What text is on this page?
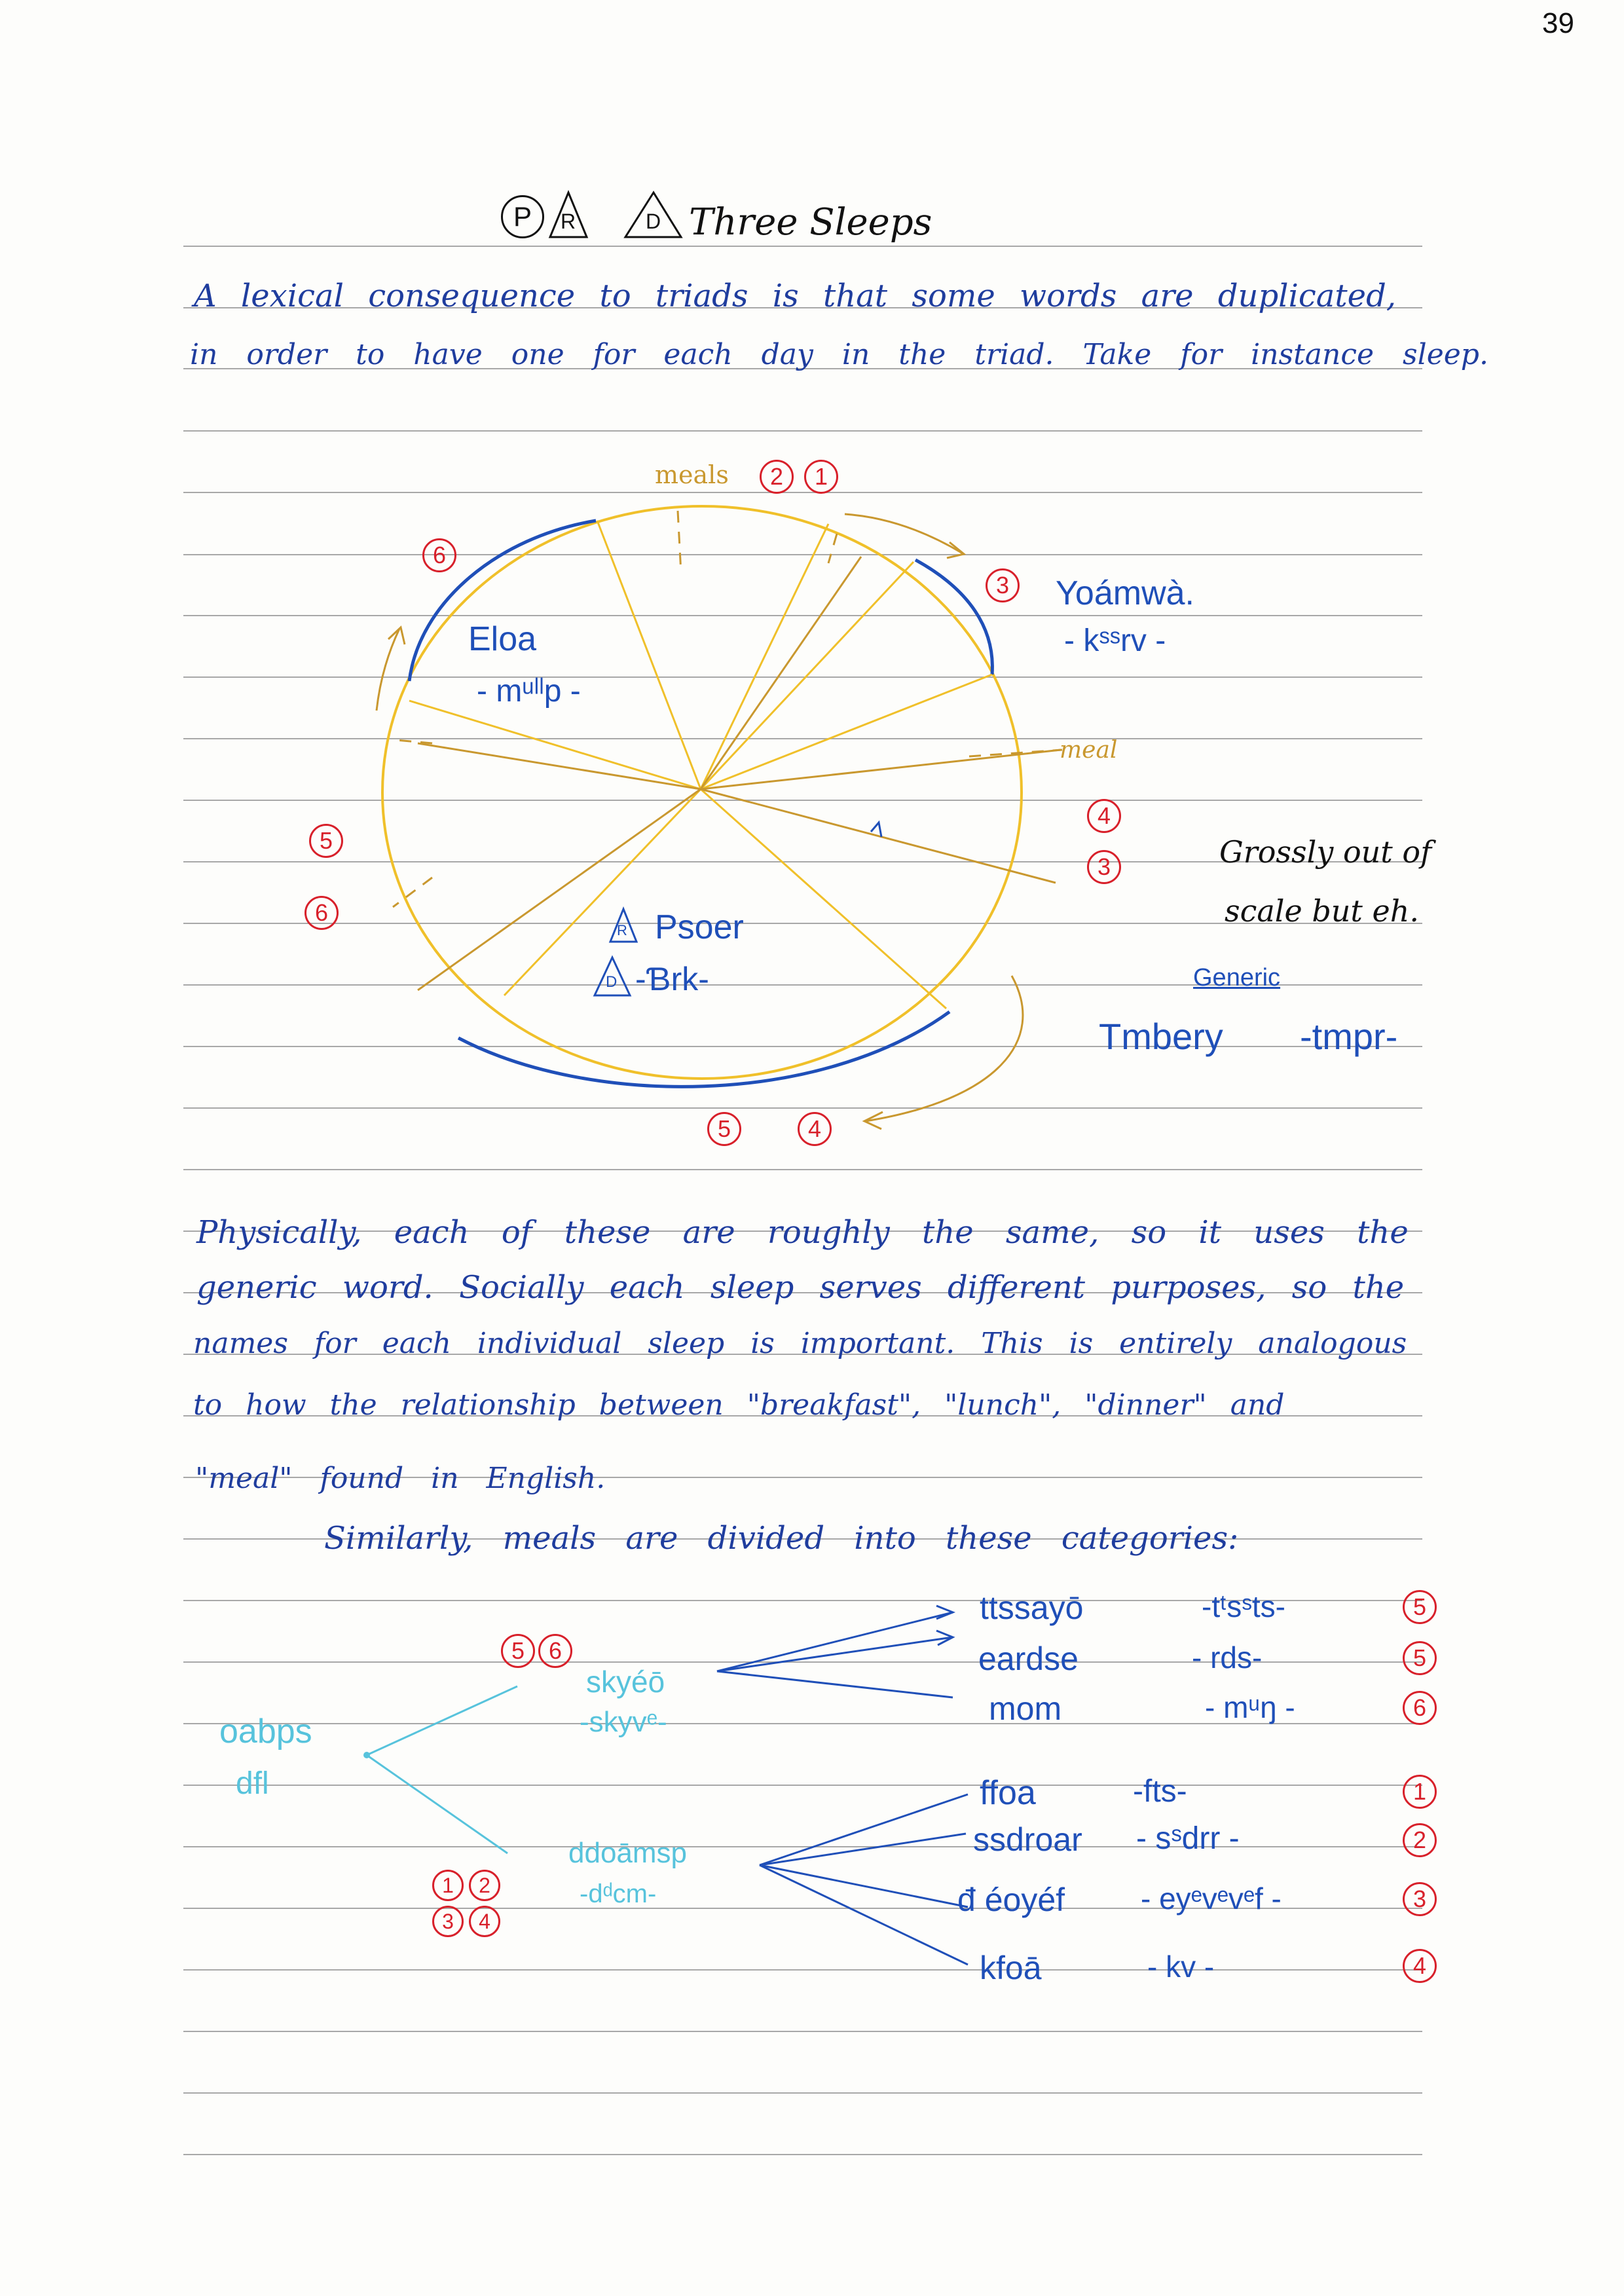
39
P R	D Three Sleeps
A lexical consequence to triads is that some words are duplicated,
in order to have one for each day in the triad. Take for instance sleep.
meals
meal
Eloa
- mᵘˡˡp -
Yoámwà.
- kˢˢrv -
R
D
Psoer
-Ɓrk-	Generic
Tmbery -tmpr-
Grossly out of
scale but eh.
2 1
6
3
4
3
5
6
5	4
Physically, each of these are roughly the same, so it uses the
generic word. Socially each sleep serves different purposes, so the
names for each individual sleep is important. This is entirely analogous
to how the relationship between "breakfast", "lunch", "dinner" and
"meal" found in English.
Similarly, meals are divided into these categories:
oabps
dfl
skyéō
-skyvᵉ-
5 6
ddoāmsp
-dᵈcm-
1 2
3 4
ttssayō	-tᵗsˢts-	5
eardse	- rds-	5
mom	- mᵘŋ -	6
ffoa	-fts-	1
ssdroar - sˢdrr -	2
đ éoyéf	- eyᵉvᵉvᵉf -	3
kfoā	- kv -	4
